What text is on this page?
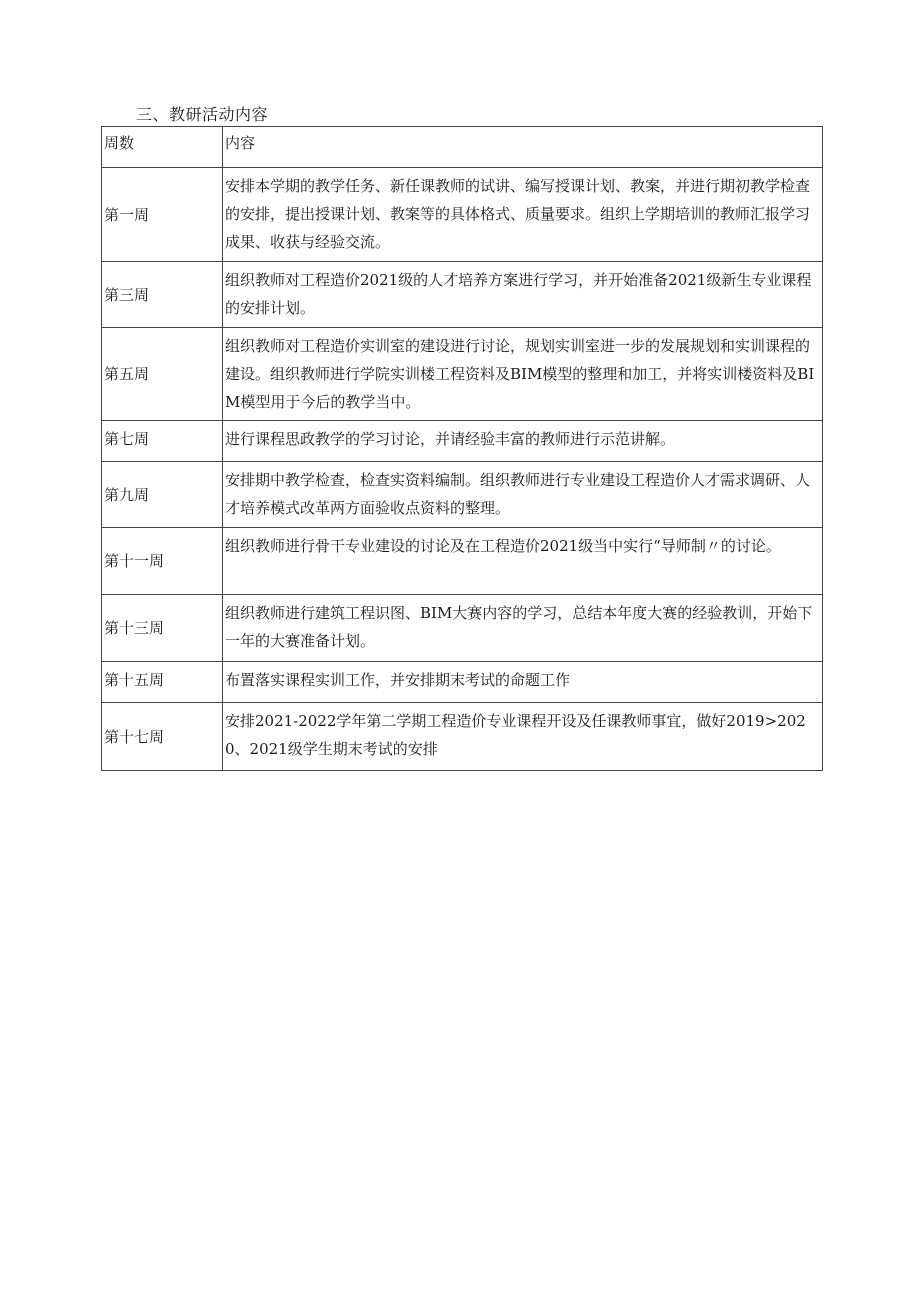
三、教研活动内容
周数	内容
第一周	安排本学期的教学任务、新任课教师的试讲、编写授课计划、教案，并进行期初教学检查的安排，提出授课计划、教案等的具体格式、质量要求。组织上学期培训的教师汇报学习成果、收获与经验交流。
第三周	组织教师对工程造价2021级的人才培养方案进行学习，并开始准备2021级新生专业课程的安排计划。
第五周	组织教师对工程造价实训室的建设进行讨论，规划实训室进一步的发展规划和实训课程的建设。组织教师进行学院实训楼工程资料及BIM模型的整理和加工，并将实训楼资料及BIM模型用于今后的教学当中。
第七周	进行课程思政教学的学习讨论，并请经验丰富的教师进行示范讲解。
第九周	安排期中教学检查，检查实资料编制。组织教师进行专业建设工程造价人才需求调研、人才培养模式改革两方面验收点资料的整理。
第十一周	组织教师进行骨干专业建设的讨论及在工程造价2021级当中实行“导师制〃的讨论。
第十三周	组织教师进行建筑工程识图、BIM大赛内容的学习，总结本年度大赛的经验教训，开始下一年的大赛准备计划。
第十五周	布置落实课程实训工作，并安排期末考试的命题工作
第十七周	安排2021-2022学年第二学期工程造价专业课程开设及任课教师事宜，做好2019>2020、2021级学生期末考试的安排
